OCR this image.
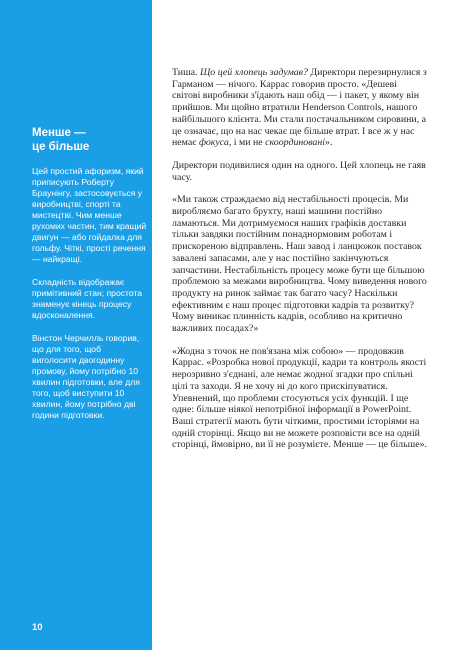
Менше —
це більше

Цей простий афоризм, який приписують Роберту Браунінгу, застосовується у виробництві, спорті та мистецтві. Чим менше рухомих частин, тим кращий двигун — або гойдалка для гольфу. Чіткі, прості речення — найкращі.

Складність відображає примітивний стан; простота знаменує кінець процесу вдосконалення.

Вінстон Черчилль говорив, що для того, щоб виголосити двогодинну промову, йому потрібно 10 хвилин підготовки, але для того, щоб виступити 10 хвилин, йому потрібно дві години підготовки.

10

Тиша. Що цей хлопець задумав? Директори перезирнулися з Гарманом — нічого. Каррас говорив просто. «Дешеві світові виробники з'їдають наш обід — і пакет, у якому він прийшов. Ми щойно втратили Henderson Controls, нашого найбільшого клієнта. Ми стали постачальником сировини, а це означає, що на нас чекає ще більше втрат. І все ж у нас немає фокуса, і ми не скоординовані».

Директори подивилися один на одного. Цей хлопець не гаяв часу.

«Ми також страждаємо від нестабільності процесів. Ми виробляємо багато брухту, наші машини постійно ламаються. Ми дотримуємося наших графіків доставки тільки завдяки постійним понаднормовим роботам і прискореною відправлень. Наш завод і ланцюжок поставок завалені запасами, але у нас постійно закінчуються запчастини. Нестабільність процесу може бути ще більшою проблемою за межами виробництва. Чому виведення нового продукту на ринок займає так багато часу? Наскільки ефективним є наш процес підготовки кадрів та розвитку? Чому виникає плинність кадрів, особливо на критично важливих посадах?»

«Жодна з точок не пов'язана між собою» — продовжив Каррас. «Розробка нової продукції, кадри та контроль якості нерозривно з'єднані, але немає жодної згадки про спільні цілі та заходи. Я не хочу ні до кого прискіпуватися. Упевнений, що проблеми стосуються усіх функцій. І ще одне: більше ніякої непотрібної інформації в PowerPoint. Ваші стратегії мають бути чіткими, простими історіями на одній сторінці. Якщо ви не можете розповісти все на одній сторінці, ймовірно, ви її не розумієте. Менше — це більше».
